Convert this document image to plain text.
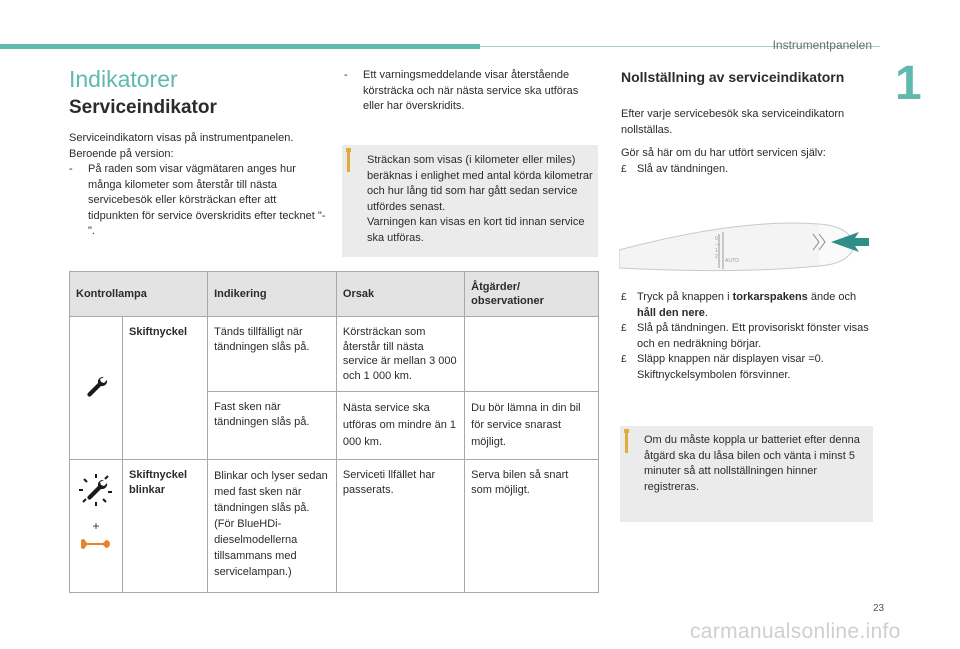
Instrumentpanelen
1
Indikatorer
Serviceindikator

Serviceindikatorn visas på instrumentpanelen.

Beroende på version:

- På raden som visar vägmätaren anges hur många kilometer som återstår till nästa servicebesök eller körsträckan efter att tidpunkten för service överskridits efter tecknet "-".
- Ett varningsmeddelande visar återstående körsträcka och när nästa service ska utföras eller har överskridits.
Sträckan som visas (i kilometer eller miles) beräknas i enlighet med antal körda kilometrar och hur lång tid som har gått sedan service utfördes senast.
Varningen kan visas en kort tid innan service ska utföras.
Kontrollampa		Indikering	Orsak	Åtgärder/ observationer
	Skiftnyckel	Tänds tillfälligt när tändningen slås på.	Körsträckan som återstår till nästa service är mellan 3 000 och 1 000 km.	
		Fast sken när tändningen slås på.	Nästa service ska utföras om mindre än 1 000 km.	Du bör lämna in din bil för service snarast möjligt.

+	Skiftnyckel blinkar	Blinkar och lyser sedan med fast sken när tändningen slås på.
(För BlueHDi-dieselmodellerna tillsammans med servicelampan.)	Serviceti llfället har passerats.	Serva bilen så snart som möjligt.
Nollställning av serviceindikatorn

Efter varje servicebesök ska serviceindikatorn nollställas.

Gör så här om du har utfört servicen själv:

£ Slå av tändningen.
0
—
1
2
AUTO
£ Tryck på knappen i torkarspakens ände och håll den nere.
£ Slå på tändningen. Ett provisoriskt fönster visas och en nedräkning börjar.
£ Släpp knappen när displayen visar =0. Skiftnyckelsymbolen försvinner.
Om du måste koppla ur batteriet efter denna åtgärd ska du låsa bilen och vänta i minst 5 minuter så att nollställningen hinner registreras.
23
carmanualsonline.info
